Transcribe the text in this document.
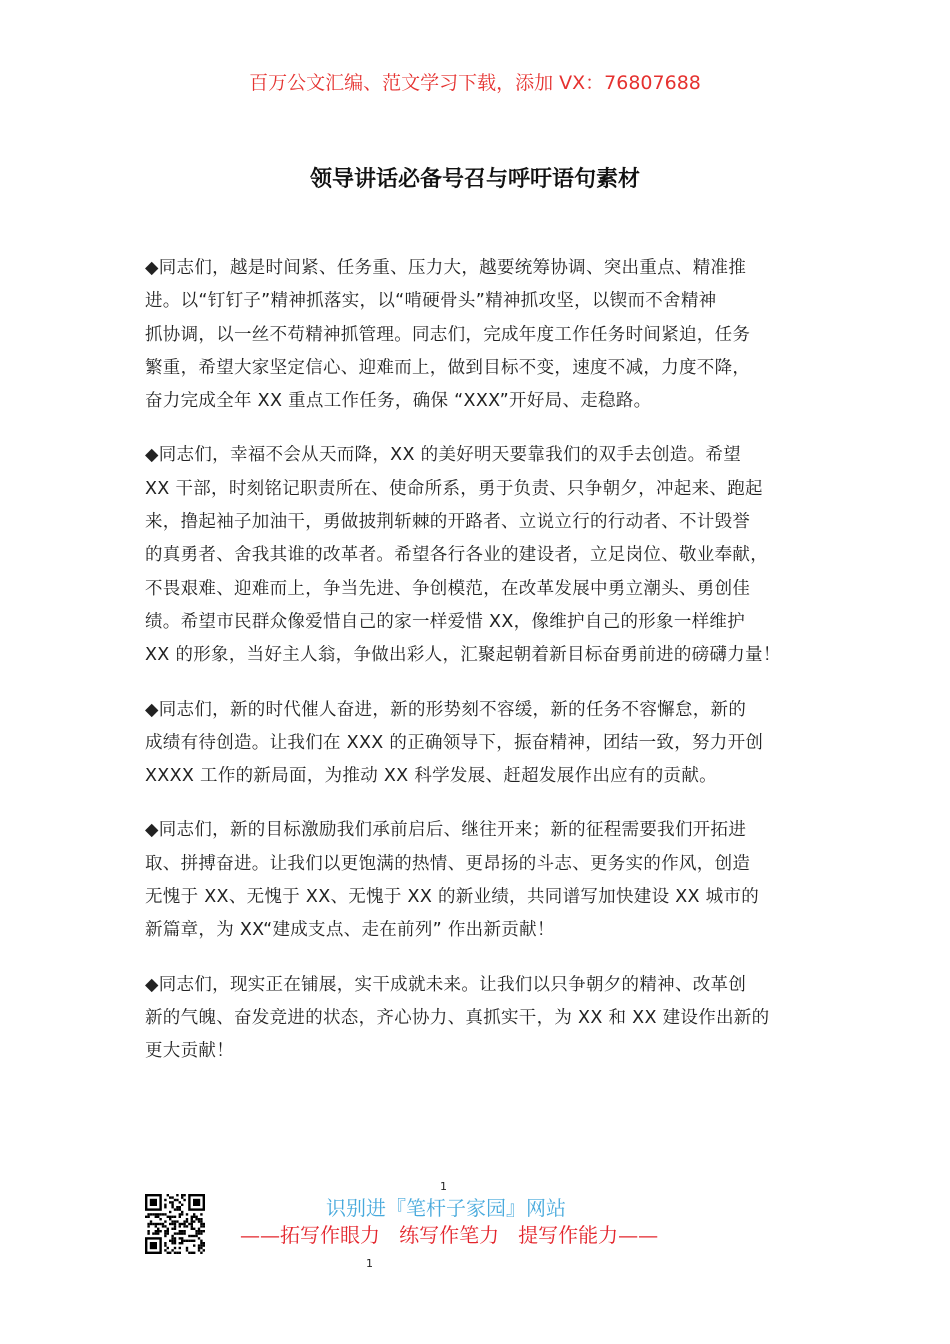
百万公文汇编、范文学习下载，添加 VX：76807688
领导讲话必备号召与呼吁语句素材
◆同志们，越是时间紧、任务重、压力大，越要统筹协调、突出重点、精准推
进。以“钉钉子”精神抓落实，以“啃硬骨头”精神抓攻坚，以锲而不舍精神
抓协调，以一丝不苟精神抓管理。同志们，完成年度工作任务时间紧迫，任务
繁重，希望大家坚定信心、迎难而上，做到目标不变，速度不减，力度不降，
奋力完成全年 XX 重点工作任务，确保 “XXX”开好局、走稳路。
◆同志们，幸福不会从天而降，XX 的美好明天要靠我们的双手去创造。希望
XX 干部，时刻铭记职责所在、使命所系，勇于负责、只争朝夕，冲起来、跑起
来，撸起袖子加油干，勇做披荆斩棘的开路者、立说立行的行动者、不计毁誉
的真勇者、舍我其谁的改革者。希望各行各业的建设者，立足岗位、敬业奉献，
不畏艰难、迎难而上，争当先进、争创模范，在改革发展中勇立潮头、勇创佳
绩。希望市民群众像爱惜自己的家一样爱惜 XX，像维护自己的形象一样维护
XX 的形象，当好主人翁，争做出彩人，汇聚起朝着新目标奋勇前进的磅礴力量！
◆同志们，新的时代催人奋进，新的形势刻不容缓，新的任务不容懈怠，新的
成绩有待创造。让我们在 XXX 的正确领导下，振奋精神，团结一致，努力开创
XXXX 工作的新局面，为推动 XX 科学发展、赶超发展作出应有的贡献。
◆同志们，新的目标激励我们承前启后、继往开来；新的征程需要我们开拓进
取、拼搏奋进。让我们以更饱满的热情、更昂扬的斗志、更务实的作风，创造
无愧于 XX、无愧于 XX、无愧于 XX 的新业绩，共同谱写加快建设 XX 城市的
新篇章，为 XX“建成支点、走在前列” 作出新贡献！
◆同志们，现实正在铺展，实干成就未来。让我们以只争朝夕的精神、改革创
新的气魄、奋发竞进的状态，齐心协力、真抓实干，为 XX 和 XX 建设作出新的
更大贡献！
1
识别进『笔杆子家园』网站
——拓写作眼力   练写作笔力   提写作能力——
1
